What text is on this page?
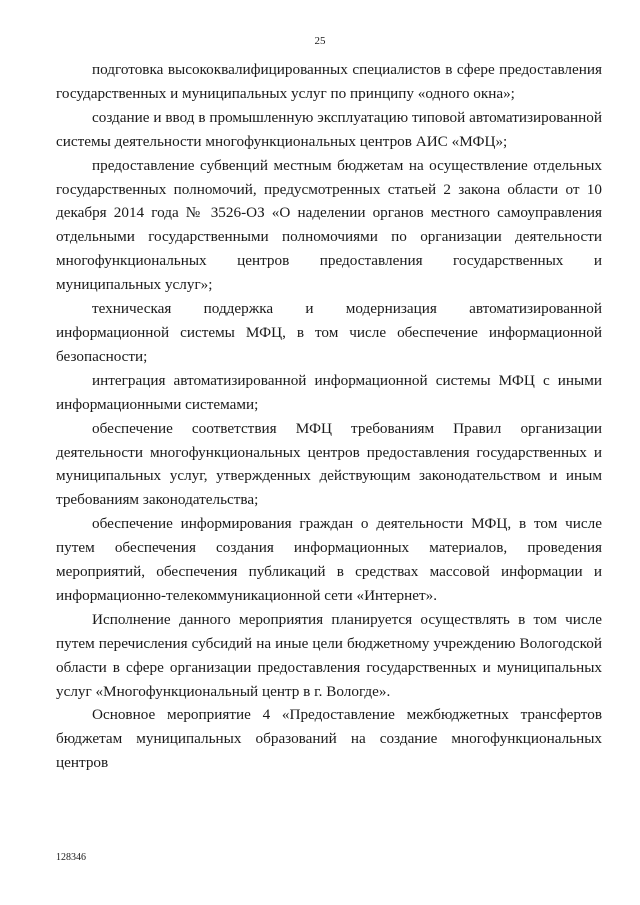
25

подготовка высококвалифицированных специалистов в сфере предоставления государственных и муниципальных услуг по принципу «одного окна»;

создание и ввод в промышленную эксплуатацию типовой автоматизированной системы деятельности многофункциональных центров АИС «МФЦ»;

предоставление субвенций местным бюджетам на осуществление отдельных государственных полномочий, предусмотренных статьей 2 закона области от 10 декабря 2014 года № 3526-ОЗ «О наделении органов местного самоуправления отдельными государственными полномочиями по организации деятельности многофункциональных центров предоставления государственных и муниципальных услуг»;

техническая поддержка и модернизация автоматизированной информационной системы МФЦ, в том числе обеспечение информационной безопасности;

интеграция автоматизированной информационной системы МФЦ с иными информационными системами;

обеспечение соответствия МФЦ требованиям Правил организации деятельности многофункциональных центров предоставления государственных и муниципальных услуг, утвержденных действующим законодательством и иным требованиям законодательства;

обеспечение информирования граждан о деятельности МФЦ, в том числе путем обеспечения создания информационных материалов, проведения мероприятий, обеспечения публикаций в средствах массовой информации и информационно-телекоммуникационной сети «Интернет».

Исполнение данного мероприятия планируется осуществлять в том числе путем перечисления субсидий на иные цели бюджетному учреждению Вологодской области в сфере организации предоставления государственных и муниципальных услуг «Многофункциональный центр в г. Вологде».

Основное мероприятие 4 «Предоставление межбюджетных трансфертов бюджетам муниципальных образований на создание многофункциональных центров

128346
